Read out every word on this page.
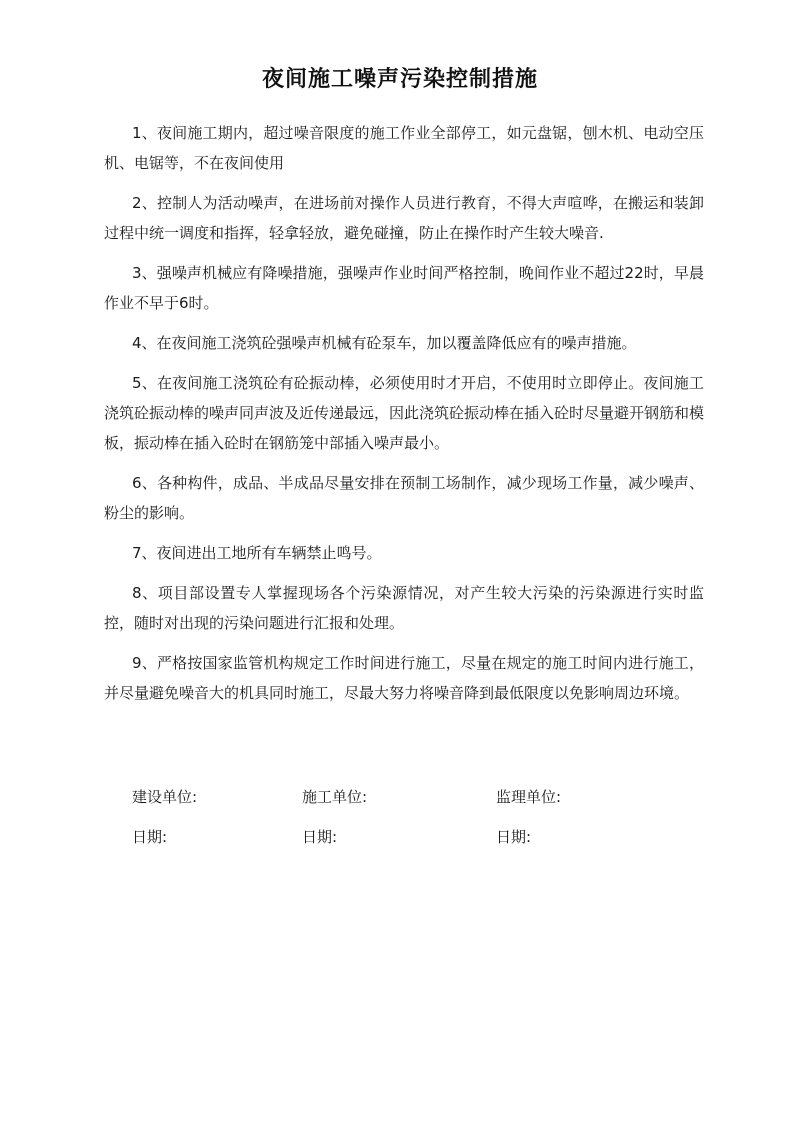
夜间施工噪声污染控制措施

1、夜间施工期内，超过噪音限度的施工作业全部停工，如元盘锯，刨木机、电动空压机、电锯等，不在夜间使用

2、控制人为活动噪声，在进场前对操作人员进行教育，不得大声喧哗，在搬运和装卸过程中统一调度和指挥，轻拿轻放，避免碰撞，防止在操作时产生较大噪音.

3、强噪声机械应有降噪措施，强噪声作业时间严格控制，晚间作业不超过22时，早晨作业不早于6时。

4、在夜间施工浇筑砼强噪声机械有砼泵车，加以覆盖降低应有的噪声措施。

5、在夜间施工浇筑砼有砼振动棒，必须使用时才开启，不使用时立即停止。夜间施工浇筑砼振动棒的噪声同声波及近传递最远，因此浇筑砼振动棒在插入砼时尽量避开钢筋和模板，振动棒在插入砼时在钢筋笼中部插入噪声最小。

6、各种构件，成品、半成品尽量安排在预制工场制作，减少现场工作量，减少噪声、粉尘的影响。

7、夜间进出工地所有车辆禁止鸣号。

8、项目部设置专人掌握现场各个污染源情况，对产生较大污染的污染源进行实时监控，随时对出现的污染问题进行汇报和处理。

9、严格按国家监管机构规定工作时间进行施工，尽量在规定的施工时间内进行施工，并尽量避免噪音大的机具同时施工，尽最大努力将噪音降到最低限度以免影响周边环境。

建设单位:	施工单位:	监理单位:
日期:	日期:	日期:
